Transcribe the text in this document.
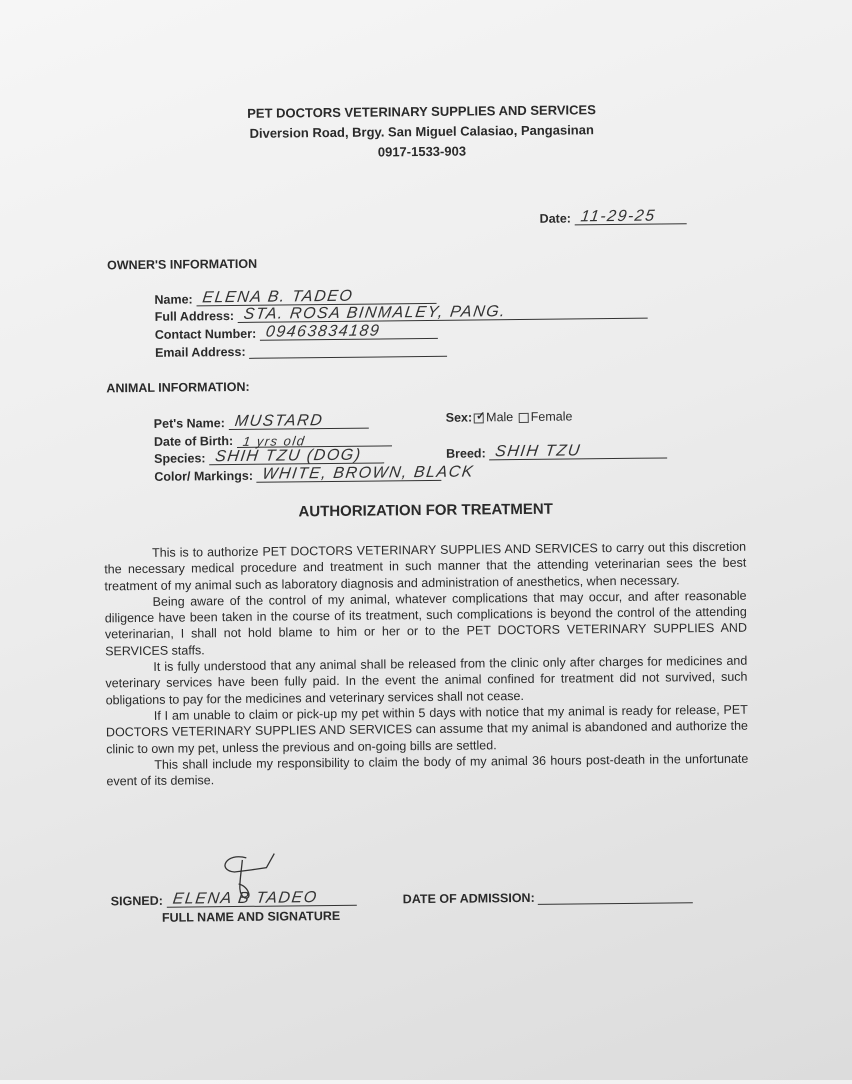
PET DOCTORS VETERINARY SUPPLIES AND SERVICES
Diversion Road, Brgy. San Miguel Calasiao, Pangasinan
0917-1533-903
Date: 11-29-25
OWNER'S INFORMATION
Name: ELENA B. TADEO
Full Address: STA. ROSA BINMALEY, PANG.
Contact Number: 09463834189
Email Address:
ANIMAL INFORMATION:
Pet's Name: MUSTARD
Date of Birth: 1 yrs old
Species: SHIH TZU (DOG)
Color/ Markings: WHITE, BROWN, BLACK
Sex: ✓Male Female
Breed: SHIH TZU
AUTHORIZATION FOR TREATMENT

This is to authorize PET DOCTORS VETERINARY SUPPLIES AND SERVICES to carry out this discretion the necessary medical procedure and treatment in such manner that the attending veterinarian sees the best treatment of my animal such as laboratory diagnosis and administration of anesthetics, when necessary.

Being aware of the control of my animal, whatever complications that may occur, and after reasonable diligence have been taken in the course of its treatment, such complications is beyond the control of the attending veterinarian, I shall not hold blame to him or her or to the PET DOCTORS VETERINARY SUPPLIES AND SERVICES staffs.

It is fully understood that any animal shall be released from the clinic only after charges for medicines and veterinary services have been fully paid. In the event the animal confined for treatment did not survived, such obligations to pay for the medicines and veterinary services shall not cease.

If I am unable to claim or pick-up my pet within 5 days with notice that my animal is ready for release, PET DOCTORS VETERINARY SUPPLIES AND SERVICES can assume that my animal is abandoned and authorize the clinic to own my pet, unless the previous and on-going bills are settled.

This shall include my responsibility to claim the body of my animal 36 hours post-death in the unfortunate event of its demise.

SIGNED: ELENA B TADEO
FULL NAME AND SIGNATURE
DATE OF ADMISSION:
